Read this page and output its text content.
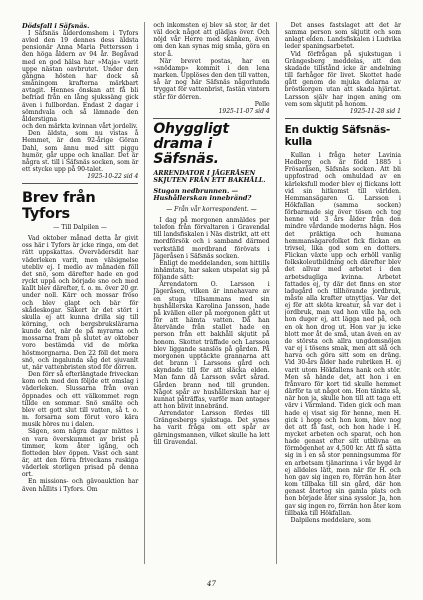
Dödsfall i Säfsnäs.

I Säfsnäs ålderdomshem i Tyfors avled den 19 dennes dess äldsta pensionär Anna Maria Pettersson i den höga åldern av 94 år. Begåvad med en god hälsa har »Maja» varit uppe nästan oavbrutet. Under den gångna hösten har dock så småningom krafterna märkbart avtagit. Hennes önskan att få bli befriad från en lång sjukssäng gick även i fullbordan. Endast 2 dagar i sömndvala och så lämnade den ålderstigna

och den märkta kvinnan vårt jordeliv.

Den äldsta, som nu vistas å Hemmet, är den 92-årige Göran Dahl, som ännu med sitt piggu humör, går uppe och knallar. Det är några st. till i Säfsnäs socken, som är ett stycke upp på 90-talet.

1925-10-22 sid 4
Brev från Tyfors
— Till Dalpilen —

Vad oktober månad detta år givit oss här i Tyfors är icke ringa, om det rätt uppskattas. Övervädersdit har väderleken varit, men välsignelse utebliv ej. I medio av månaden föll det snö, som därefter hade en god ryckt uppå och började sno och med kallt blev därefter, t. o. m. över 20 gr. under noll. Kärr och mossar fröso och blev glapt och bär för skådeskogar. Säkert är det stört i skulla ej att kunna drilla sig till körning, och bergsbrukslärarna kunde det, när de på myrarna och mossarna fram på slutet av oktober voro bestämda vid de mörka höstmorgnarna. Den 22 föll det mera snö, och ingalunda såg det sjuvanlt ut, när vattenbristen stod för dörren.

Den förr så efterlängtade friveckan kom och med den följde ett omslag i väderleken. Slussarna från ovan öppnades och ett välkommet regn tillde en sommar. Snö smälte och blev ett gott slut till vatten, så t. o. m. forsarna som förut voro kära musik höres nu i dalen.

Sägen, som några dagar mättes i en vara överskummet av brist på timmer, kom åter igång, och flotteden blev öppen. Visst och sant är, att den förra friveckans ruskiga väderlek storligen prisad på denna ort.

En missions- och gävoauktion har även hållits i Tyfors. Om

och inkomsten ej blev så stor, är det väl dock något att glädjas över. Och nöjd vår Herre med skänken, även om den kan synas mig småa, göra en stor å.

När brevet postas, har en »snödamp» kommit i den lena marken. Upplöses den den till vatten, så är nog här Säfsnäs någorlunda tryggat för vattenbrist, fastän vintern står för dörren.

Pelle
1925-11-07 sid 4
Ohyggligt drama i Säfsnäs.
ARRENDATOR I JÄGERÅSEN SKJUTEN FRÅN ETT BAKHÅLL.
Stugan nedbrunnen. — Hushållerskan innebränd?
— Från vår korrespondent. —

I dag på morgonen anmäldes per telefon från förvaltaren i Gravendal till landsfiskalen i Näs distrikt, att ett mordförsök och i samband därmed verkställd mordbrand förövats i Jägeråsen i Säfsnäs socken.

Enligt de meddelanden, som hittills inhämtats, har saken utspelat sig på följande sätt:

Arrendatorn O. Larsson i Jägeråsen, vilken är innehavare av en stuga tillsammans med sin hushållerska Karolina Jansson, hade på kvällen eller på morgonen gått ut för att hämta vatten. Då han återvände från stallet hade en person från ett bakhåll skjutit på honom. Skottet träffade och Larsson blev liggande sanslös på gården. På morgonen upptäckte grannarna att det brann i Larssons gård och skyndade till för att släcka elden. Man fann då Larsson svårt sårad. Gården brann ned till grunden. Något spår av hushållerskan har ej kunnat påträffas, varför man antager att hon blivit innebränd.

Arrendator Larsson fördes till Grängesbergs sjukstuga. Det synes ha varit fråga om ett spår av gärningsmannen, vilket skulle ha lett till Gravendal.

Det anses fastslaget att det är samma person som skjutit och som anlagt elden. Landsfiskalen i Ludvika leder spaningsarbetet.

Vid förfrågan på sjukstugan i Grängesberg meddelas, att den skadade tillstånd icke är andelning till farhågor för livet. Skottet hade gått genom de mjuka delarna av bröstkorgen utan att skada hjärtat. Larsson själv har ingen aning om vem som skjutit på honom.

1925-11-28 sid 1
En duktig Säfsnäs-kulla

Kullan i fråga heter Lavinia Hedberg och är född 1885 i Frösaråsen, Säfsnäs socken. Att bli uppfostrad och omhuldad av en kärleksfull moder blev ej flickans lott vid sin hitkomst till världen. Hemmansägaren G. Larsson i Hökfallan (samma socken) förbarmade sig över tösen och tog henne vid 3 års ålder från den mindre vårdande moderns hägn. Hos det präktiga och humana hemmansägarefolket fick flickan en trivsel, lika god som en dotters. Flickan växte upp och erhöll vanlig folkskoleutbildning och därefter blev det allvar med arbetet i den arbetsdugliga kvinna. Arbetet fattades ej, ty där det finns en stor ladugård och tillhörande jordbruk, måste alla krafter utnyttjas. Var det ej för att sköta kreatur, så var det i jordbruk, man vad hon ville ha, och hon duger ej, att lägga ned på, och en ok hon drog ut. Hon var ju icke blott mor åt de små, utan även en av de största och allra ungdomsnöjen var ej i tösens smak, men att slå och harva och göra sitt som en dräng. Vid 30-års ålder hade rubriken H. ej varit utom Hökfallens hank och stör. Men så hände det, att hon i en frånvaro för kort tid skulle hemmet därför ta ut något om. Hon tänkte så, när hon ja, skulle hon till att taga ett värv i Värmland. Tiden gick och man hade ej visat sig för henne, men H. gick i hopp och hon kom, blev nog det att få fast, och hon hade i H. mycket arbeten och sparat, och hon hade genast efter sitt utblivna en förmögenhet av 4,500 kr. Att få sätta sig in i en så stor penningsumma för en arbetsam tjänarinna i vår bygd är ej alldeles lätt, men när för H. och hon gav sig ingen ro, förrän hon åter kom tillbaka till sin gård, där hon genast återtog sin gamla plats och hon började åter sina sysslor. Ja, hon gav sig ingen ro, förrän hon åter kom tillbaka till Hökfallan.

Dalpilens meddelare, som

47
